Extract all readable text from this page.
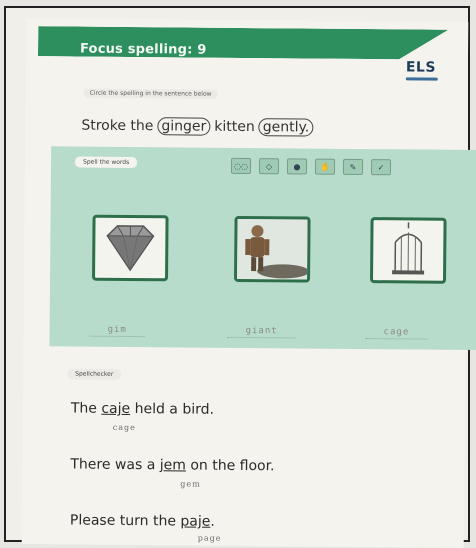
Focus spelling: 9
ELS
Circle the spelling in the sentence below
Stroke the ginger kitten gently.
Spell the words	◌◌	◇	●	✋	✎	✓
gim	giant	cage
Spellchecker
The caje held a bird.
cage
There was a jem on the floor.
gem
Please turn the paje.
page
